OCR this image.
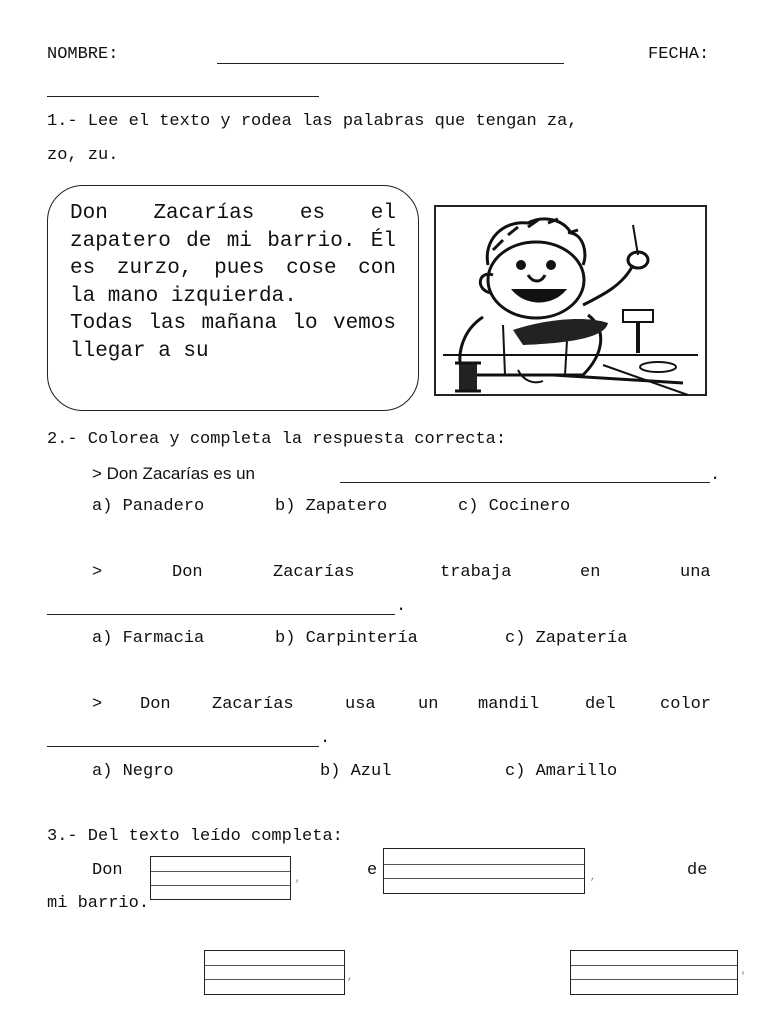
NOMBRE:	FECHA:
1.- Lee el texto y rodea las palabras que tengan za,
zo, zu.

Don Zacarías es el zapatero de mi barrio. Él es zurzo, pues cose con la mano izquierda.

Todas las mañana lo vemos llegar a su

2.- Colorea y completa la respuesta correcta:
> Don Zacarías es un	.
a) Panadero	b) Zapatero	c) Cocinero
>	Don	Zacarías	trabaja	en	una
.
a) Farmacia	b) Carpintería	c) Zapatería
> Don Zacarías	usa un mandil	del	color
.
a) Negro	b) Azul	c) Amarillo
3.- Del texto leído completa:
Don	e	de
mi barrio.
'
,
,	'
